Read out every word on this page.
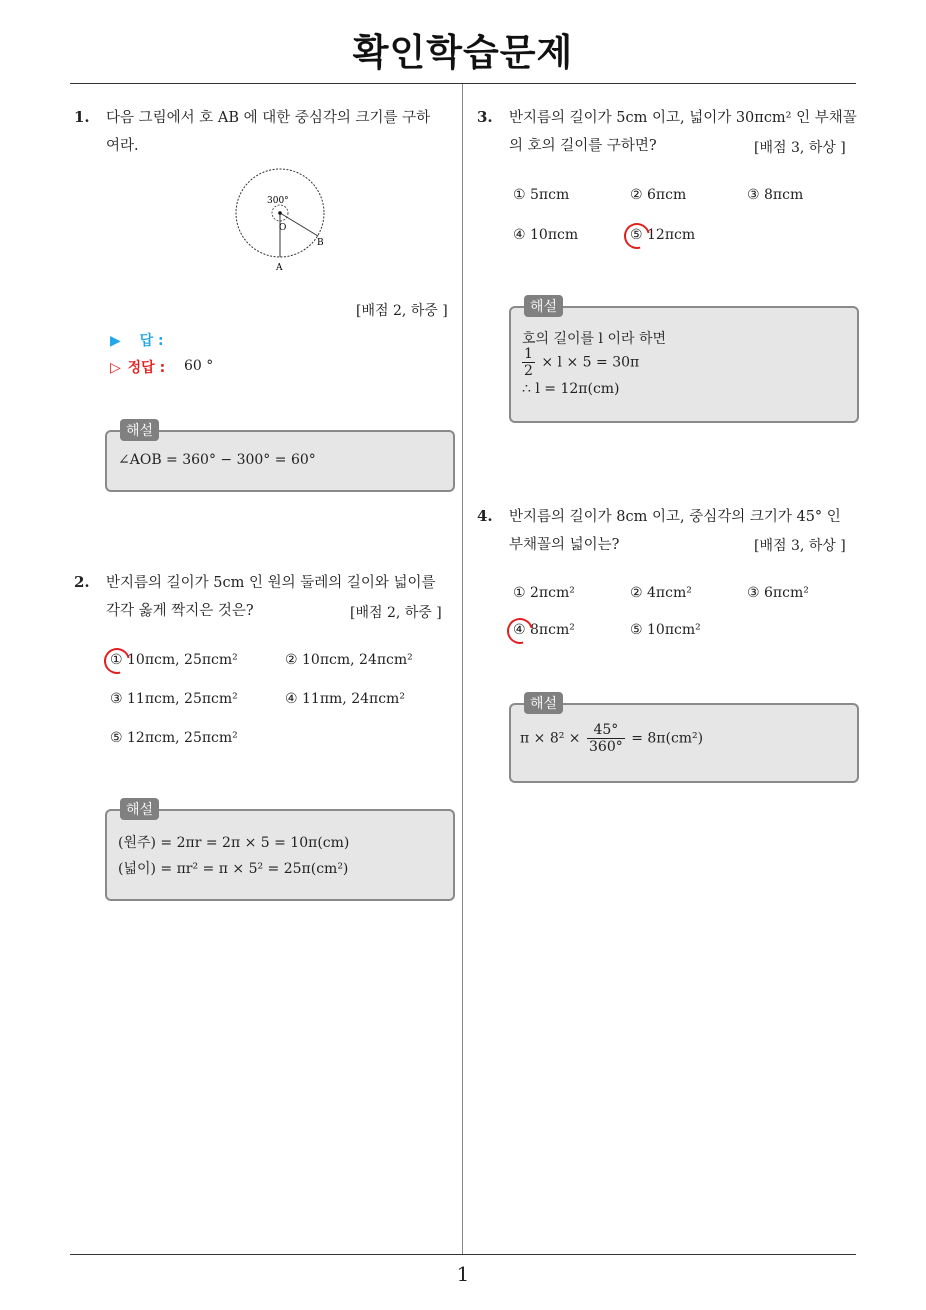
확인학습문제
1
1. 다음 그림에서 호 AB 에 대한 중심각의 크기를 구하
여라.
300°
O
A
B
[배점 2, 하중 ]
▶ 답 :
▷ 정답 : 60 °
해설
∠AOB = 360° − 300° = 60°
2. 반지름의 길이가 5cm 인 원의 둘레의 길이와 넓이를
각각 옳게 짝지은 것은?	[배점 2, 하중 ]
① 10πcm, 25πcm²	② 10πcm, 24πcm²
③ 11πcm, 25πcm²	④ 11πm, 24πcm²
⑤ 12πcm, 25πcm²
해설
(원주) = 2πr = 2π × 5 = 10π(cm)
(넓이) = πr² = π × 5² = 25π(cm²)
3. 반지름의 길이가 5cm 이고, 넓이가 30πcm² 인 부채꼴
의 호의 길이를 구하면?	[배점 3, 하상 ]
① 5πcm	② 6πcm	③ 8πcm
④ 10πcm	⑤ 12πcm
해설
호의 길이를 l 이라 하면
$\frac{1}{2} \times l \times 5 = 30\pi$
∴ l = 12π(cm)
4. 반지름의 길이가 8cm 이고, 중심각의 크기가 45° 인
부채꼴의 넓이는?	[배점 3, 하상 ]
① 2πcm²	② 4πcm²	③ 6πcm²
④ 8πcm²	⑤ 10πcm²
해설
$\pi \times 8^2 \times \frac{45^\circ}{360^\circ} = 8\pi(cm^2)$
